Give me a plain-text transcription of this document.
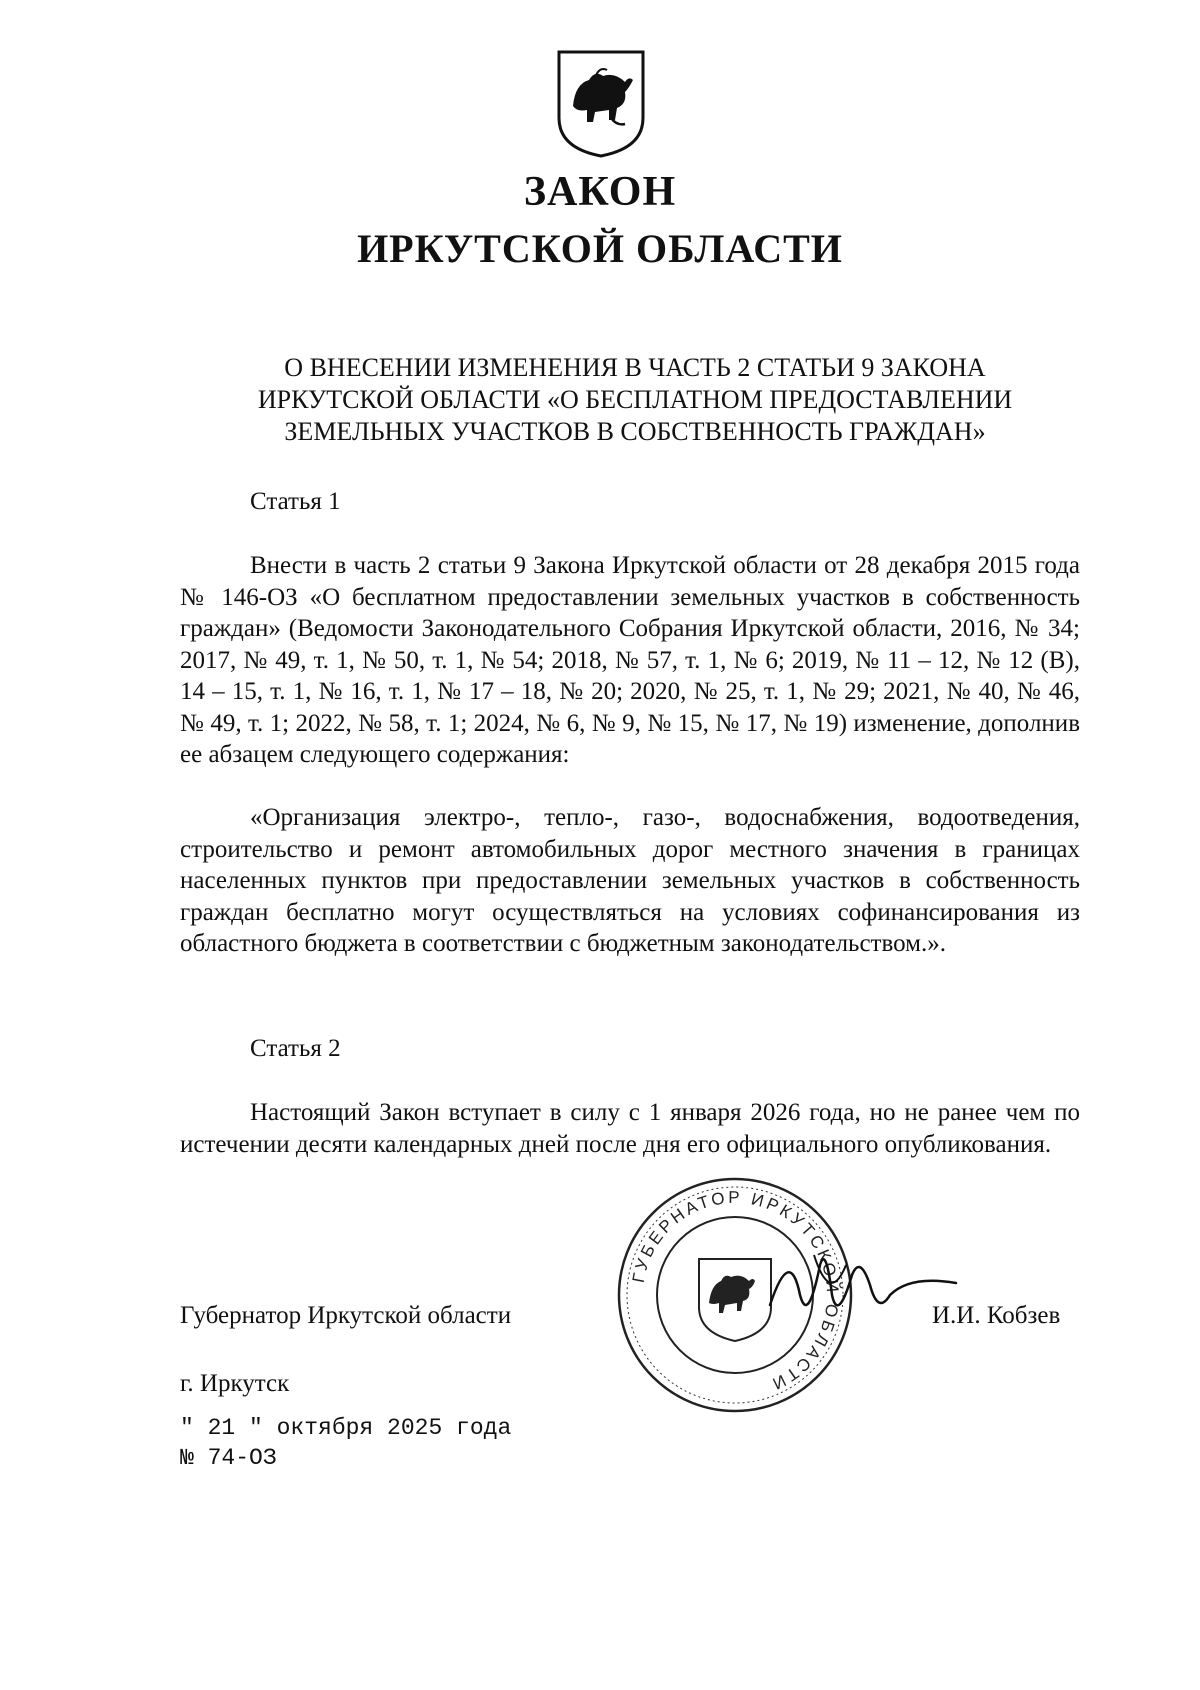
ЗАКОН
ИРКУТСКОЙ ОБЛАСТИ
О ВНЕСЕНИИ ИЗМЕНЕНИЯ В ЧАСТЬ 2 СТАТЬИ 9 ЗАКОНА
ИРКУТСКОЙ ОБЛАСТИ «О БЕСПЛАТНОМ ПРЕДОСТАВЛЕНИИ
ЗЕМЕЛЬНЫХ УЧАСТКОВ В СОБСТВЕННОСТЬ ГРАЖДАН»
Статья 1

Внести в часть 2 статьи 9 Закона Иркутской области от 28 декабря 2015 года № 146-ОЗ «О бесплатном предоставлении земельных участков в собственность граждан» (Ведомости Законодательного Собрания Иркутской области, 2016, № 34; 2017, № 49, т. 1, № 50, т. 1, № 54; 2018, № 57, т. 1, № 6; 2019, № 11 – 12, № 12 (В), 14 – 15, т. 1, № 16, т. 1, № 17 – 18, № 20; 2020, № 25, т. 1, № 29; 2021, № 40, № 46, № 49, т. 1; 2022, № 58, т. 1; 2024, № 6, № 9, № 15, № 17, № 19) изменение, дополнив ее абзацем следующего содержания:

«Организация электро-, тепло-, газо-, водоснабжения, водоотведения, строительство и ремонт автомобильных дорог местного значения в границах населенных пунктов при предоставлении земельных участков в собственность граждан бесплатно могут осуществляться на условиях софинансирования из областного бюджета в соответствии с бюджетным законодательством.».

Статья 2

Настоящий Закон вступает в силу с 1 января 2026 года, но не ранее чем по истечении десяти календарных дней после дня его официального опубликования.

ГУБЕРНАТОР ИРКУТСКОЙ ОБЛАСТИ
Губернатор Иркутской области	И.И. Кобзев
г. Иркутск
" 21 " октября 2025 года
№ 74-ОЗ
